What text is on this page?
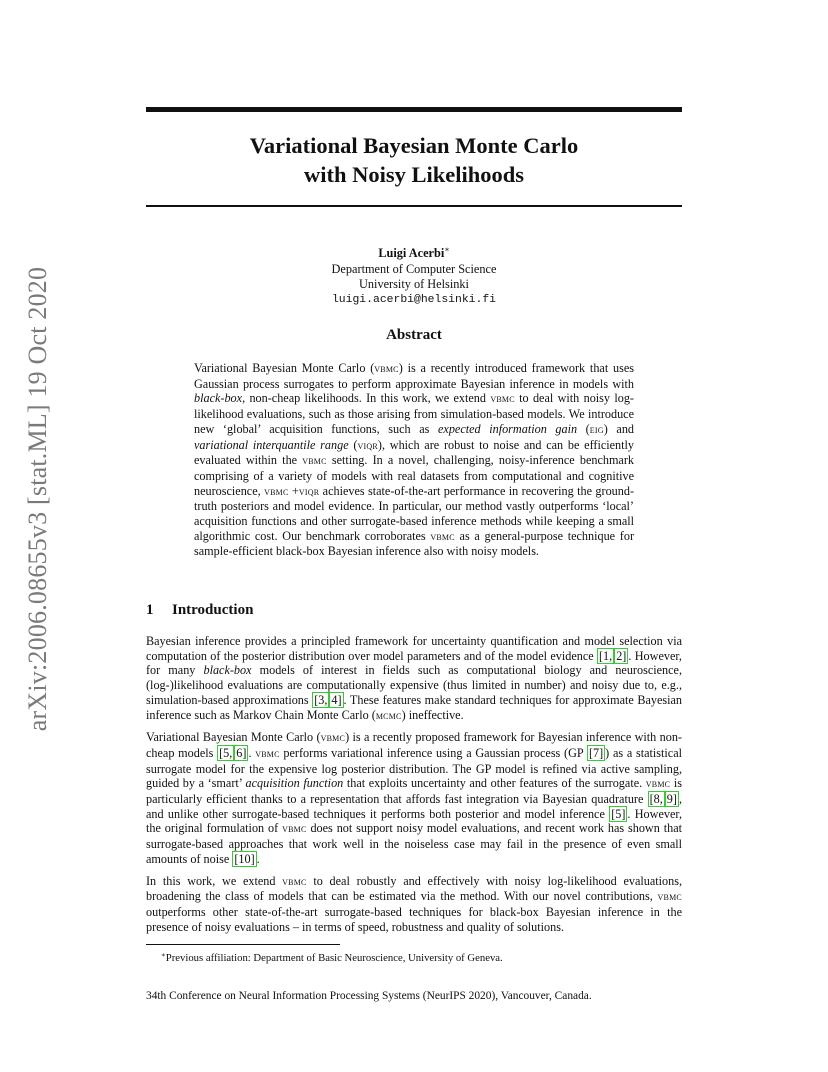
arXiv:2006.08655v3 [stat.ML] 19 Oct 2020
Variational Bayesian Monte Carlo
with Noisy Likelihoods
Luigi Acerbi∗
Department of Computer Science
University of Helsinki
luigi.acerbi@helsinki.fi
Abstract
Variational Bayesian Monte Carlo (vbmc) is a recently introduced framework that uses Gaussian process surrogates to perform approximate Bayesian inference in models with black-box, non-cheap likelihoods. In this work, we extend vbmc to deal with noisy log-likelihood evaluations, such as those arising from simulation-based models. We introduce new ‘global’ acquisition functions, such as expected information gain (eig) and variational interquantile range (viqr), which are robust to noise and can be efficiently evaluated within the vbmc setting. In a novel, challenging, noisy-inference benchmark comprising of a variety of models with real datasets from computational and cognitive neuroscience, vbmc +viqr achieves state-of-the-art performance in recovering the ground-truth posteriors and model evidence. In particular, our method vastly outperforms ‘local’ acquisition functions and other surrogate-based inference methods while keeping a small algorithmic cost. Our benchmark corroborates vbmc as a general-purpose technique for sample-efficient black-box Bayesian inference also with noisy models.
1 Introduction

Bayesian inference provides a principled framework for uncertainty quantification and model selection via computation of the posterior distribution over model parameters and of the model evidence [1, 2] . However, for many black-box models of interest in fields such as computational biology and neuroscience, (log-)likelihood evaluations are computationally expensive (thus limited in number) and noisy due to, e.g., simulation-based approximations [3, 4] . These features make standard techniques for approximate Bayesian inference such as Markov Chain Monte Carlo (mcmc) ineffective.

Variational Bayesian Monte Carlo (vbmc) is a recently proposed framework for Bayesian inference with non-cheap models [5, 6] . vbmc performs variational inference using a Gaussian process (GP [7] ) as a statistical surrogate model for the expensive log posterior distribution. The GP model is refined via active sampling, guided by a ‘smart’ acquisition function that exploits uncertainty and other features of the surrogate. vbmc is particularly efficient thanks to a representation that affords fast integration via Bayesian quadrature [8, 9] , and unlike other surrogate-based techniques it performs both posterior and model inference [5] . However, the original formulation of vbmc does not support noisy model evaluations, and recent work has shown that surrogate-based approaches that work well in the noiseless case may fail in the presence of even small amounts of noise [10] .

In this work, we extend vbmc to deal robustly and effectively with noisy log-likelihood evaluations, broadening the class of models that can be estimated via the method. With our novel contributions, vbmc outperforms other state-of-the-art surrogate-based techniques for black-box Bayesian inference in the presence of noisy evaluations – in terms of speed, robustness and quality of solutions.

∗Previous affiliation: Department of Basic Neuroscience, University of Geneva.
34th Conference on Neural Information Processing Systems (NeurIPS 2020), Vancouver, Canada.
